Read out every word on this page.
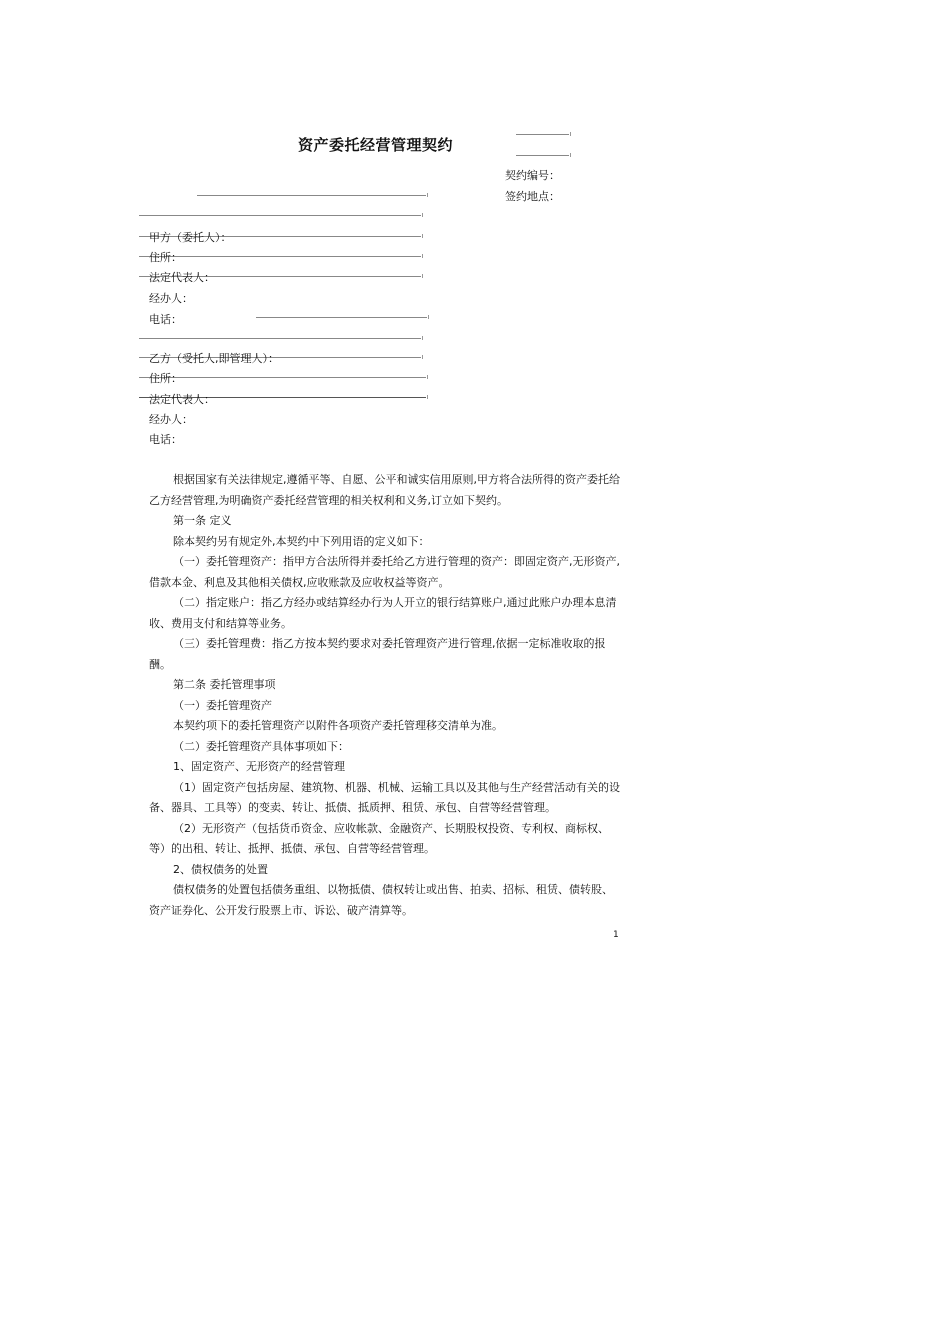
资产委托经营管理契约
契约编号：
签约地点：
甲方（委托人）：
住所：
法定代表人：
经办人：
电话：
乙方（受托人,即管理人）：
住所：
法定代表人：
经办人：
电话：

根据国家有关法律规定,遵循平等、自愿、公平和诚实信用原则,甲方将合法所得的资产委托给乙方经营管理,为明确资产委托经营管理的相关权利和义务,订立如下契约。

第一条 定义

除本契约另有规定外,本契约中下列用语的定义如下：

（一）委托管理资产：指甲方合法所得并委托给乙方进行管理的资产：即固定资产,无形资产,借款本金、利息及其他相关债权,应收账款及应收权益等资产。

（二）指定账户：指乙方经办或结算经办行为人开立的银行结算账户,通过此账户办理本息清收、费用支付和结算等业务。

（三）委托管理费：指乙方按本契约要求对委托管理资产进行管理,依据一定标准收取的报酬。

第二条 委托管理事项

（一）委托管理资产

本契约项下的委托管理资产以附件各项资产委托管理移交清单为准。

（二）委托管理资产具体事项如下：

1、固定资产、无形资产的经营管理

（1）固定资产包括房屋、建筑物、机器、机械、运输工具以及其他与生产经营活动有关的设备、器具、工具等）的变卖、转让、抵债、抵质押、租赁、承包、自营等经营管理。

（2）无形资产（包括货币资金、应收帐款、金融资产、长期股权投资、专利权、商标权、等）的出租、转让、抵押、抵债、承包、自营等经营管理。

2、债权债务的处置

债权债务的处置包括债务重组、以物抵债、债权转让或出售、拍卖、招标、租赁、债转股、资产证券化、公开发行股票上市、诉讼、破产清算等。

1
